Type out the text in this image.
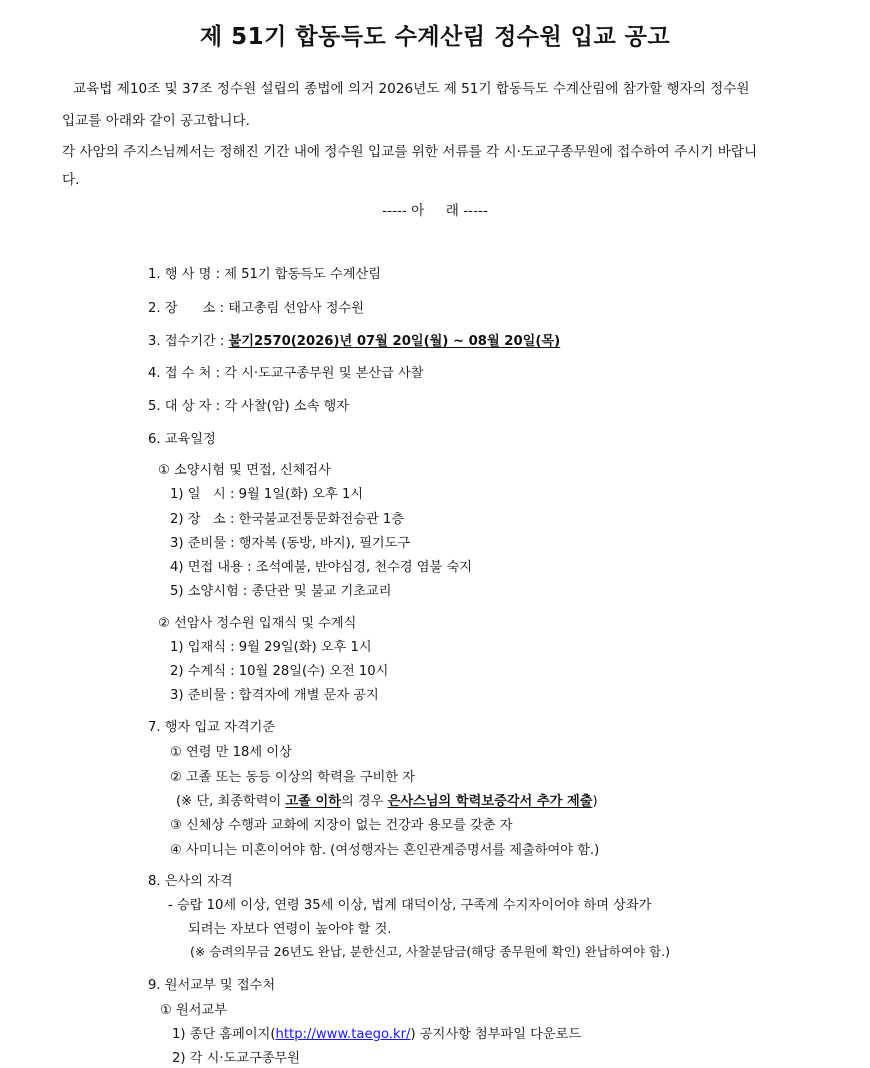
제 51기 합동득도 수계산림 정수원 입교 공고
교육법 제10조 및 37조 정수원 설립의 종법에 의거 2026년도 제 51기 합동득도 수계산림에 참가할 행자의 정수원
입교를 아래와 같이 공고합니다.
각 사암의 주지스님께서는 정해진 기간 내에 정수원 입교를 위한 서류를 각 시·도교구종무원에 접수하여 주시기 바랍니
다.
----- 아     래 -----
1. 행 사 명 : 제 51기 합동득도 수계산림
2. 장      소 : 태고총림 선암사 정수원
3. 접수기간 : 불기2570(2026)년 07월 20일(월) ~ 08월 20일(목)
4. 접 수 처 : 각 시·도교구종무원 및 본산급 사찰
5. 대 상 자 : 각 사찰(암) 소속 행자
6. 교육일정
① 소양시험 및 면접, 신체검사
1) 일   시 : 9월 1일(화) 오후 1시
2) 장   소 : 한국불교전통문화전승관 1층
3) 준비물 : 행자복 (동방, 바지), 필기도구
4) 면접 내용 : 조석예불, 반야심경, 천수경 염불 숙지
5) 소양시험 : 종단관 및 불교 기초교리
② 선암사 정수원 입재식 및 수계식
1) 입재식 : 9월 29일(화) 오후 1시
2) 수계식 : 10월 28일(수) 오전 10시
3) 준비물 : 합격자에 개별 문자 공지
7. 행자 입교 자격기준
① 연령 만 18세 이상
② 고졸 또는 동등 이상의 학력을 구비한 자
(※ 단, 최종학력이 고졸 이하의 경우 은사스님의 학력보증각서 추가 제출)
③ 신체상 수행과 교화에 지장이 없는 건강과 용모를 갖춘 자
④ 사미니는 미혼이어야 함. (여성행자는 혼인관계증명서를 제출하여야 함.)
8. 은사의 자격
- 승랍 10세 이상, 연령 35세 이상, 법계 대덕이상, 구족계 수지자이어야 하며 상좌가
되려는 자보다 연령이 높아야 할 것.
(※ 승려의무금 26년도 완납, 분한신고, 사찰분담금(해당 종무원에 확인) 완납하여야 함.)
9. 원서교부 및 접수처
① 원서교부
1) 종단 홈페이지(http://www.taego.kr/) 공지사항 첨부파일 다운로드
2) 각 시·도교구종무원
